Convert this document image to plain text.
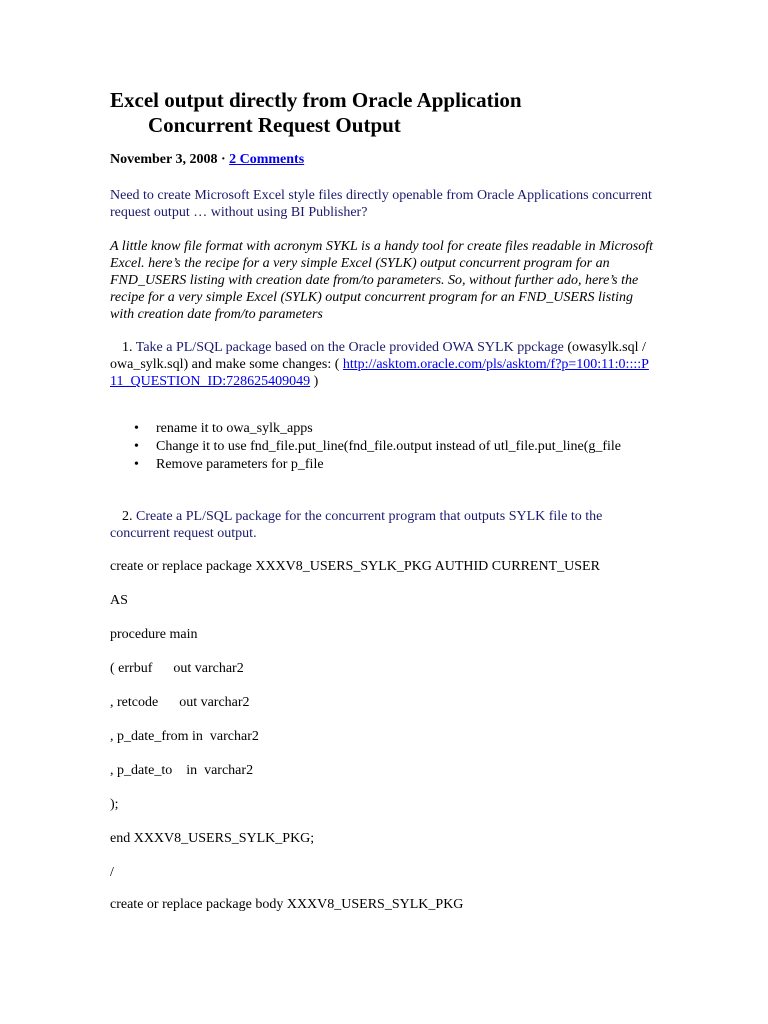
Excel output directly from Oracle Application
Concurrent Request Output
November 3, 2008 · 2 Comments
Need to create Microsoft Excel style files directly openable from Oracle Applications concurrent request output … without using BI Publisher?
A little know file format with acronym SYKL is a handy tool for create files readable in Microsoft Excel. here’s the recipe for a very simple Excel (SYLK) output concurrent program for an FND_USERS listing with creation date from/to parameters. So, without further ado, here’s the recipe for a very simple Excel (SYLK) output concurrent program for an FND_USERS listing with creation date from/to parameters
1. Take a PL/SQL package based on the Oracle provided OWA SYLK ppckage (owasylk.sql / owa_sylk.sql) and make some changes: ( http://asktom.oracle.com/pls/asktom/f?p=100:11:0::::P11_QUESTION_ID:728625409049 )
• rename it to owa_sylk_apps
• Change it to use fnd_file.put_line(fnd_file.output instead of utl_file.put_line(g_file
• Remove parameters for p_file
2. Create a PL/SQL package for the concurrent program that outputs SYLK file to the concurrent request output.
create or replace package XXXV8_USERS_SYLK_PKG AUTHID CURRENT_USER
AS
procedure main
( errbuf      out varchar2
, retcode      out varchar2
, p_date_from in  varchar2
, p_date_to    in  varchar2
);
end XXXV8_USERS_SYLK_PKG;
/
create or replace package body XXXV8_USERS_SYLK_PKG
